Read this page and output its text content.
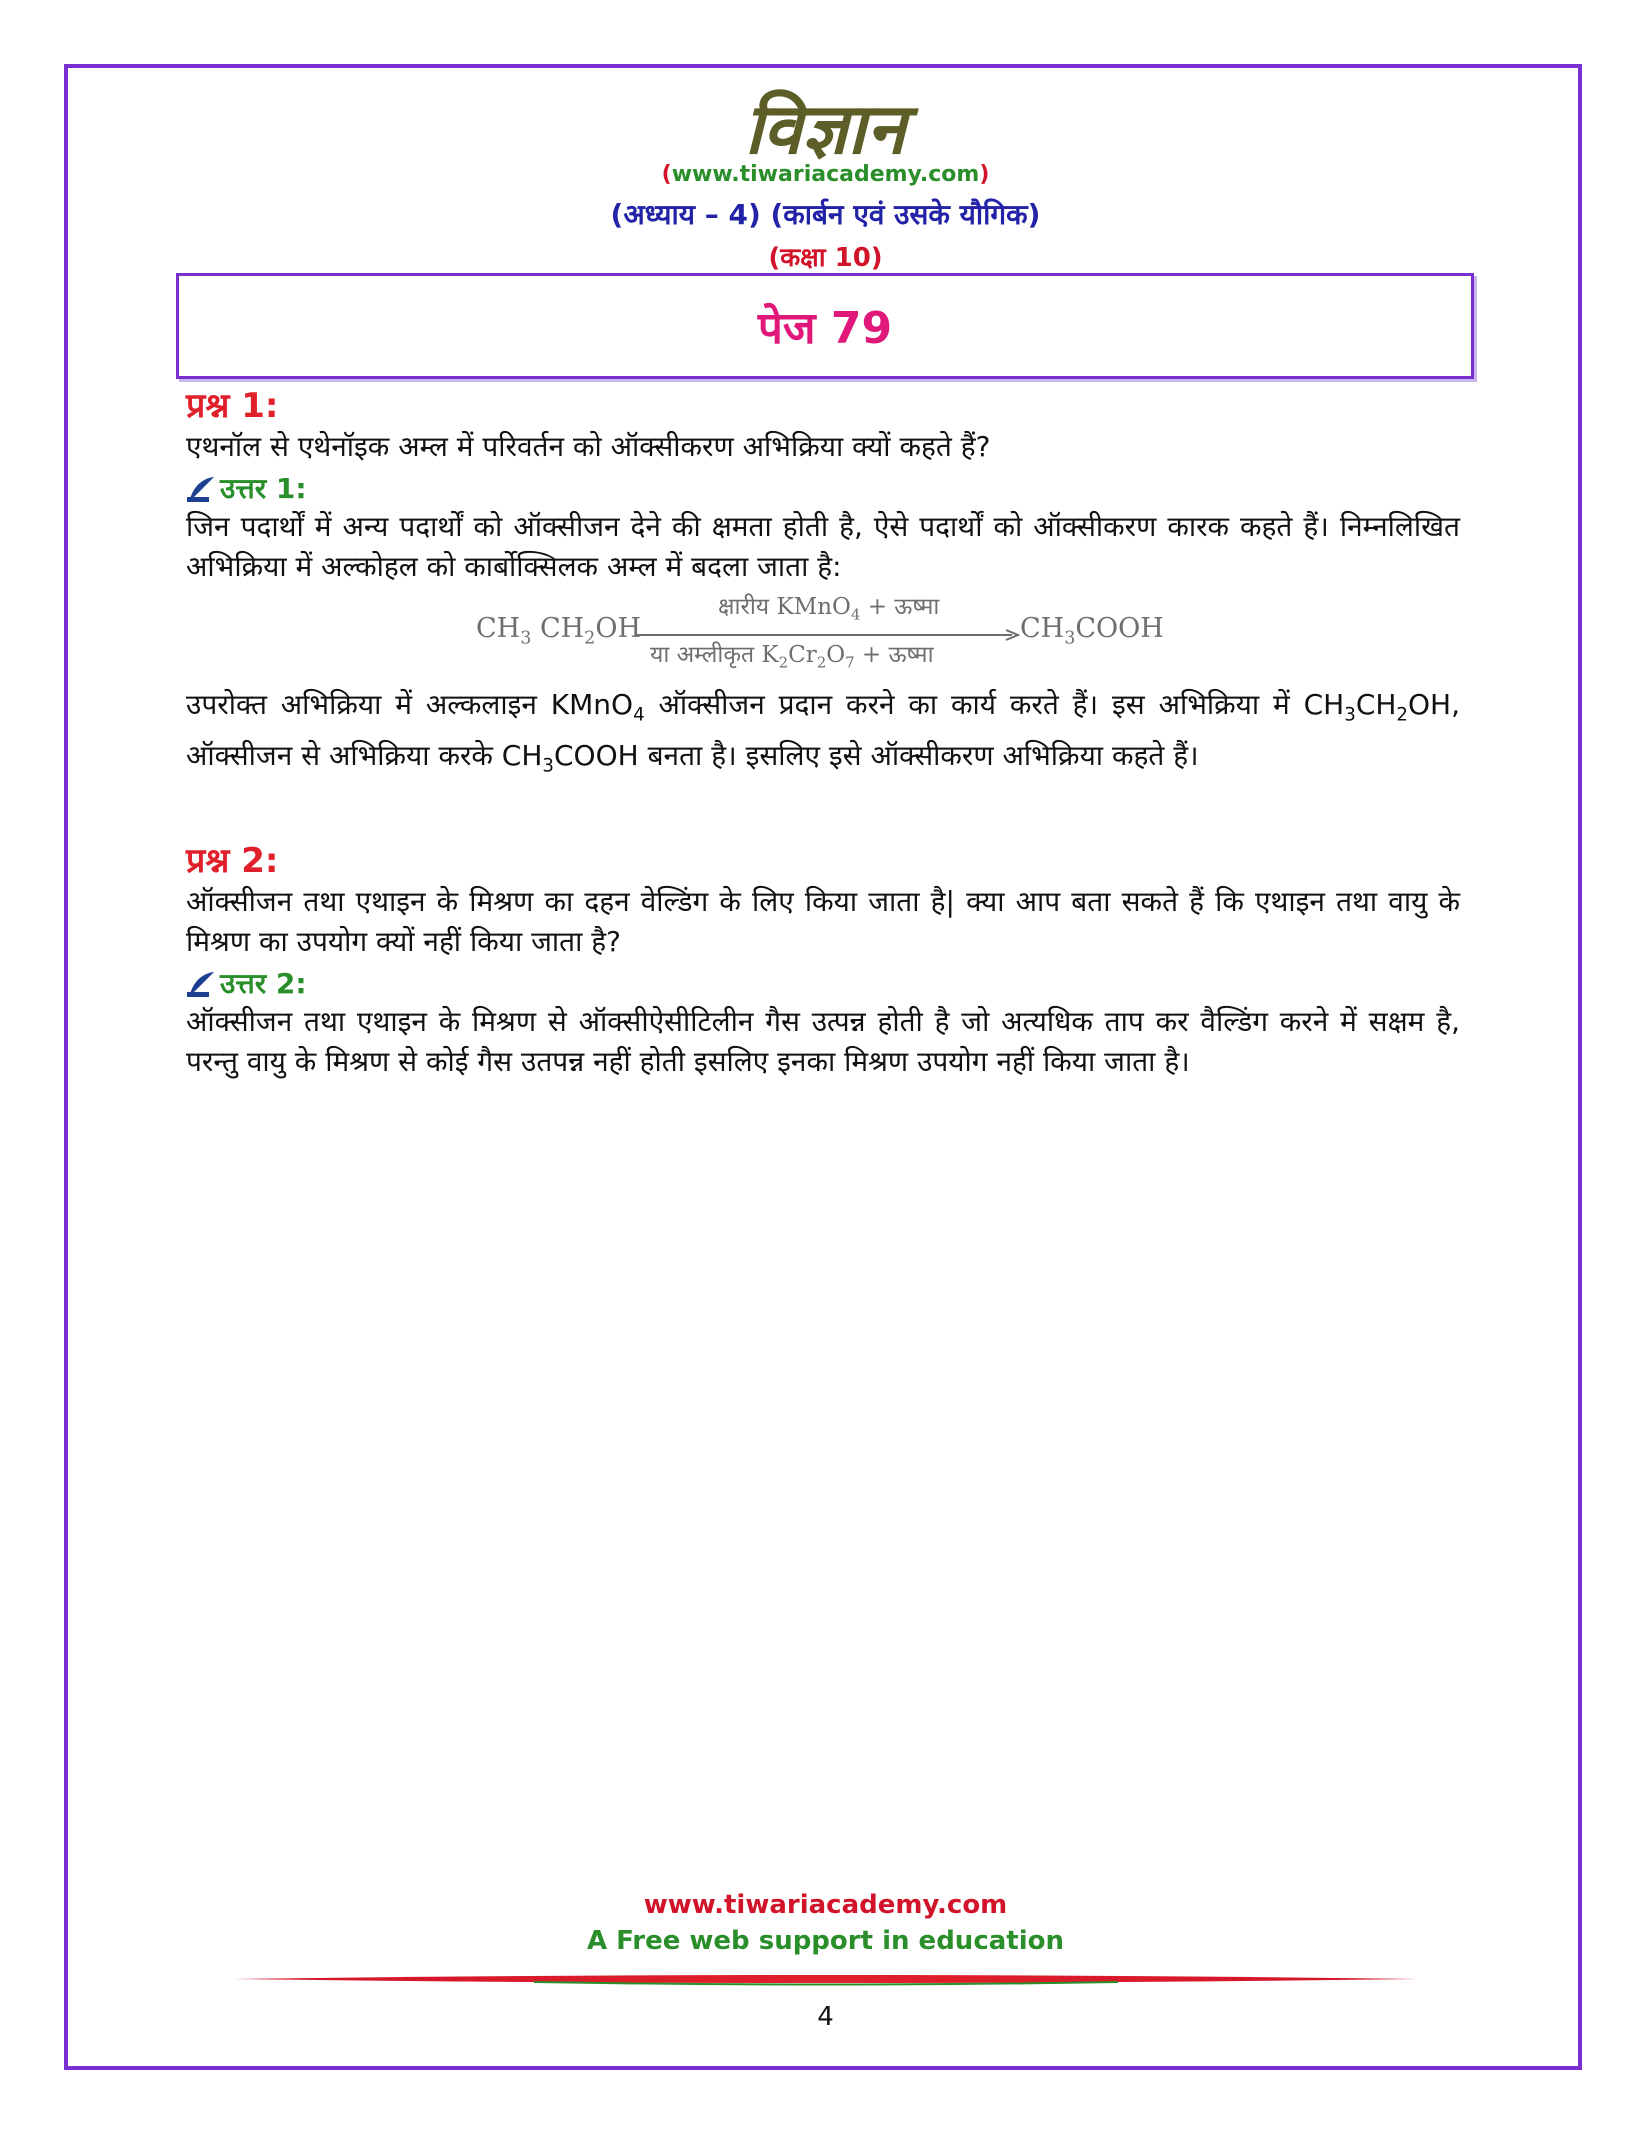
विज्ञान
(www.tiwariacademy.com)
(अध्याय – 4) (कार्बन एवं उसके यौगिक)
(कक्षा 10)
पेज 79

प्रश्न 1:

एथनॉल से एथेनॉइक अम्ल में परिवर्तन को ऑक्सीकरण अभिक्रिया क्यों कहते हैं?

उत्तर 1:

जिन पदार्थों में अन्य पदार्थों को ऑक्सीजन देने की क्षमता होती है, ऐसे पदार्थों को ऑक्सीकरण कारक कहते हैं। निम्नलिखित अभिक्रिया में अल्कोहल को कार्बोक्सिलक अम्ल में बदला जाता है:

$CH_3$ $CH_2OH$
क्षारीय KMnO$_4$ + ऊष्मा
या अम्लीकृत $K_2Cr_2O_7$ + ऊष्मा
$CH_3COOH$

उपरोक्त अभिक्रिया में अल्कलाइन KMnO$_4$ ऑक्सीजन प्रदान करने का कार्य करते हैं। इस अभिक्रिया में $CH_3CH_2OH$, ऑक्सीजन से अभिक्रिया करके $CH_3COOH$ बनता है। इसलिए इसे ऑक्सीकरण अभिक्रिया कहते हैं।

प्रश्न 2:

ऑक्सीजन तथा एथाइन के मिश्रण का दहन वेल्डिंग के लिए किया जाता है| क्या आप बता सकते हैं कि एथाइन तथा वायु के मिश्रण का उपयोग क्यों नहीं किया जाता है?

उत्तर 2:

ऑक्सीजन तथा एथाइन के मिश्रण से ऑक्सीऐसीटिलीन गैस उत्पन्न होती है जो अत्यधिक ताप कर वैल्डिंग करने में सक्षम है, परन्तु वायु के मिश्रण से कोई गैस उतपन्न नहीं होती इसलिए इनका मिश्रण उपयोग नहीं किया जाता है।

www.tiwariacademy.com
A Free web support in education
4
